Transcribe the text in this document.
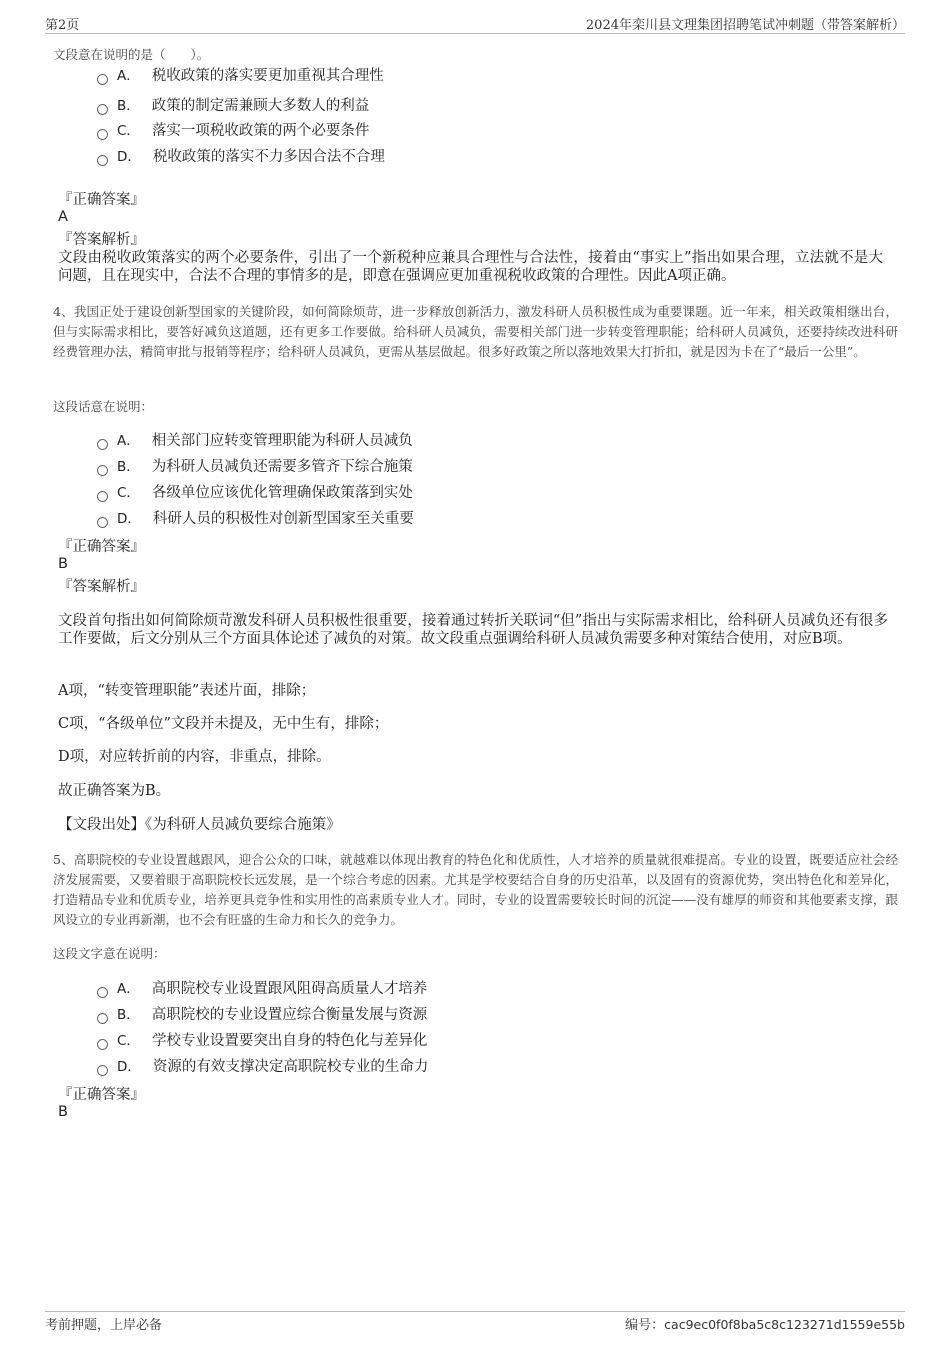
第2页	2024年栾川县文理集团招聘笔试冲刺题（带答案解析）
文段意在说明的是（　　）。
A． 税收政策的落实要更加重视其合理性
B． 政策的制定需兼顾大多数人的利益
C． 落实一项税收政策的两个必要条件
D． 税收政策的落实不力多因合法不合理
『正确答案』
A
『答案解析』
文段由税收政策落实的两个必要条件，引出了一个新税种应兼具合理性与合法性，接着由“事实上”指出如果合理，立法就不是大问题，且在现实中，合法不合理的事情多的是，即意在强调应更加重视税收政策的合理性。因此A项正确。
4、我国正处于建设创新型国家的关键阶段，如何简除烦苛，进一步释放创新活力，激发科研人员积极性成为重要课题。近一年来，相关政策相继出台，但与实际需求相比，要答好减负这道题，还有更多工作要做。给科研人员减负，需要相关部门进一步转变管理职能；给科研人员减负，还要持续改进科研经费管理办法，精简审批与报销等程序；给科研人员减负，更需从基层做起。很多好政策之所以落地效果大打折扣，就是因为卡在了“最后一公里”。
这段话意在说明：
A． 相关部门应转变管理职能为科研人员减负
B． 为科研人员减负还需要多管齐下综合施策
C． 各级单位应该优化管理确保政策落到实处
D． 科研人员的积极性对创新型国家至关重要
『正确答案』
B
『答案解析』
文段首句指出如何简除烦苛激发科研人员积极性很重要，接着通过转折关联词“但”指出与实际需求相比，给科研人员减负还有很多工作要做，后文分别从三个方面具体论述了减负的对策。故文段重点强调给科研人员减负需要多种对策结合使用，对应B项。
A项，“转变管理职能”表述片面，排除；
C项，“各级单位”文段并未提及，无中生有，排除；
D项，对应转折前的内容，非重点，排除。
故正确答案为B。
【文段出处】《为科研人员减负要综合施策》
5、高职院校的专业设置越跟风，迎合公众的口味，就越难以体现出教育的特色化和优质性，人才培养的质量就很难提高。专业的设置，既要适应社会经济发展需要，又要着眼于高职院校长远发展，是一个综合考虑的因素。尤其是学校要结合自身的历史沿革，以及固有的资源优势，突出特色化和差异化，打造精品专业和优质专业，培养更具竞争性和实用性的高素质专业人才。同时，专业的设置需要较长时间的沉淀——没有雄厚的师资和其他要素支撑，跟风设立的专业再新潮，也不会有旺盛的生命力和长久的竞争力。
这段文字意在说明：
A． 高职院校专业设置跟风阻碍高质量人才培养
B． 高职院校的专业设置应综合衡量发展与资源
C． 学校专业设置要突出自身的特色化与差异化
D． 资源的有效支撑决定高职院校专业的生命力
『正确答案』
B
考前押题，上岸必备	编号：cac9ec0f0f8ba5c8c123271d1559e55b
